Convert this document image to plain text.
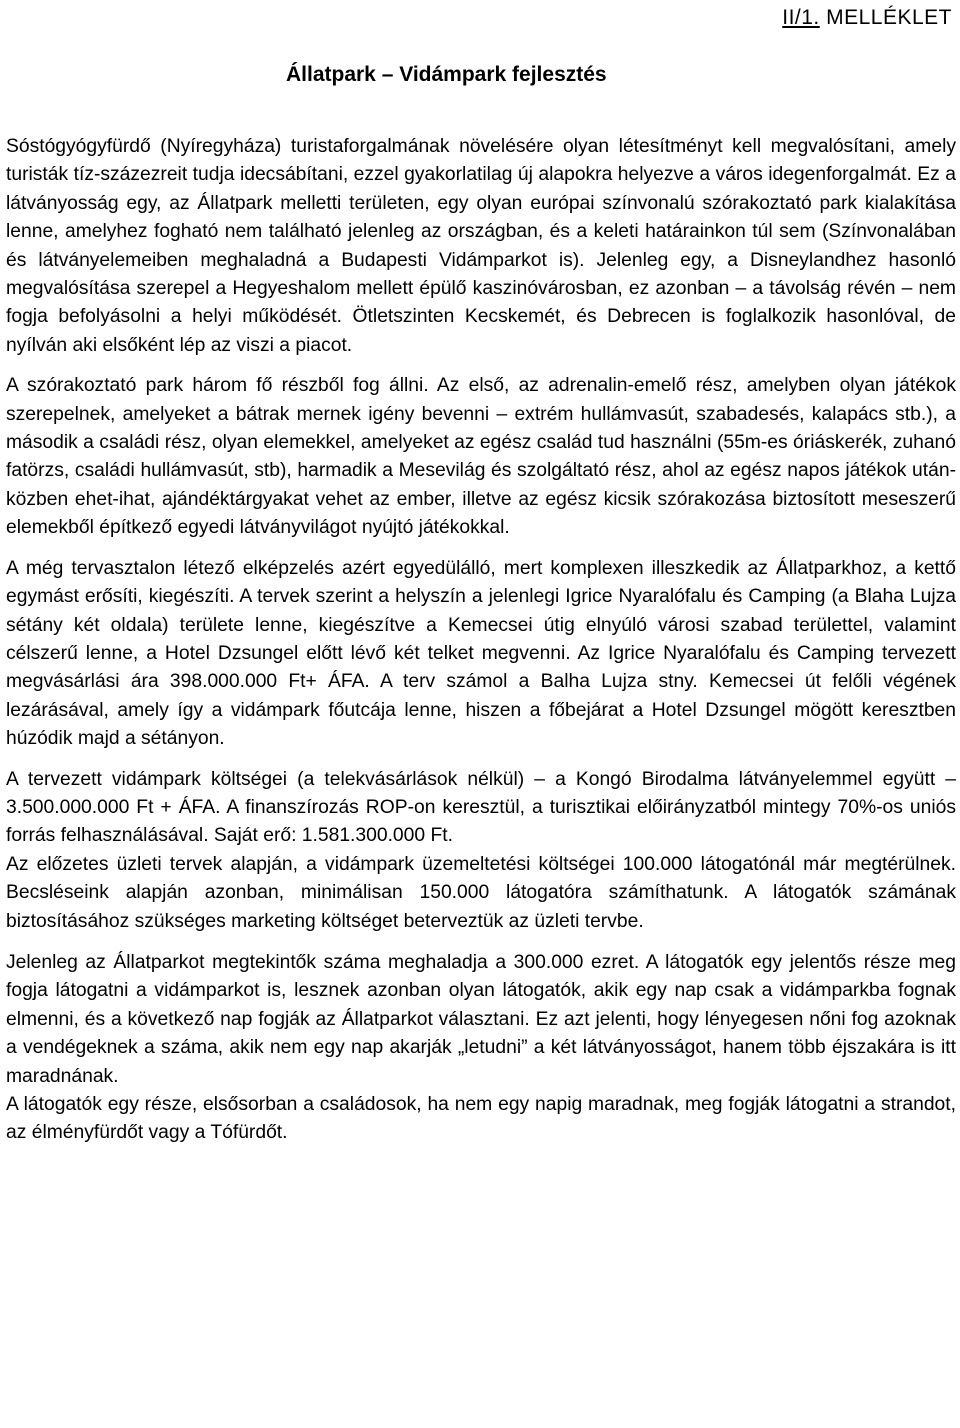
II/1. MELLÉKLET
Állatpark – Vidámpark fejlesztés

Sóstógyógyfürdő (Nyíregyháza) turistaforgalmának növelésére olyan létesítményt kell megvalósítani, amely turisták tíz-százezreit tudja idecsábítani, ezzel gyakorlatilag új alapokra helyezve a város idegenforgalmát. Ez a látványosság egy, az Állatpark melletti területen, egy olyan európai színvonalú szórakoztató park kialakítása lenne, amelyhez fogható nem található jelenleg az országban, és a keleti határainkon túl sem (Színvonalában és látványelemeiben meghaladná a Budapesti Vidámparkot is). Jelenleg egy, a Disneylandhez hasonló megvalósítása szerepel a Hegyeshalom mellett épülő kaszinóvárosban, ez azonban – a távolság révén – nem fogja befolyásolni a helyi működését. Ötletszinten Kecskemét, és Debrecen is foglalkozik hasonlóval, de nyílván aki elsőként lép az viszi a piacot.

A szórakoztató park három fő részből fog állni. Az első, az adrenalin-emelő rész, amelyben olyan játékok szerepelnek, amelyeket a bátrak mernek igény bevenni – extrém hullámvasút, szabadesés, kalapács stb.), a második a családi rész, olyan elemekkel, amelyeket az egész család tud használni (55m-es óriáskerék, zuhanó fatörzs, családi hullámvasút, stb), harmadik a Mesevilág és szolgáltató rész, ahol az egész napos játékok után-közben ehet-ihat, ajándéktárgyakat vehet az ember, illetve az egész kicsik szórakozása biztosított meseszerű elemekből építkező egyedi látványvilágot nyújtó játékokkal.

A még tervasztalon létező elképzelés azért egyedülálló, mert komplexen illeszkedik az Állatparkhoz, a kettő egymást erősíti, kiegészíti. A tervek szerint a helyszín a jelenlegi Igrice Nyaralófalu és Camping (a Blaha Lujza sétány két oldala) területe lenne, kiegészítve a Kemecsei útig elnyúló városi szabad területtel, valamint célszerű lenne, a Hotel Dzsungel előtt lévő két telket megvenni. Az Igrice Nyaralófalu és Camping tervezett megvásárlási ára 398.000.000 Ft+ ÁFA. A terv számol a Balha Lujza stny. Kemecsei út felőli végének lezárásával, amely így a vidámpark főutcája lenne, hiszen a főbejárat a Hotel Dzsungel mögött keresztben húzódik majd a sétányon.

A tervezett vidámpark költségei (a telekvásárlások nélkül) – a Kongó Birodalma látványelemmel együtt – 3.500.000.000 Ft + ÁFA. A finanszírozás ROP-on keresztül, a turisztikai előirányzatból mintegy 70%-os uniós forrás felhasználásával. Saját erő: 1.581.300.000 Ft.

Az előzetes üzleti tervek alapján, a vidámpark üzemeltetési költségei 100.000 látogatónál már megtérülnek. Becsléseink alapján azonban, minimálisan 150.000 látogatóra számíthatunk. A látogatók számának biztosításához szükséges marketing költséget beterveztük az üzleti tervbe.

Jelenleg az Állatparkot megtekintők száma meghaladja a 300.000 ezret. A látogatók egy jelentős része meg fogja látogatni a vidámparkot is, lesznek azonban olyan látogatók, akik egy nap csak a vidámparkba fognak elmenni, és a következő nap fogják az Állatparkot választani. Ez azt jelenti, hogy lényegesen nőni fog azoknak a vendégeknek a száma, akik nem egy nap akarják „letudni” a két látványosságot, hanem több éjszakára is itt maradnának.

A látogatók egy része, elsősorban a családosok, ha nem egy napig maradnak, meg fogják látogatni a strandot, az élményfürdőt vagy a Tófürdőt.
